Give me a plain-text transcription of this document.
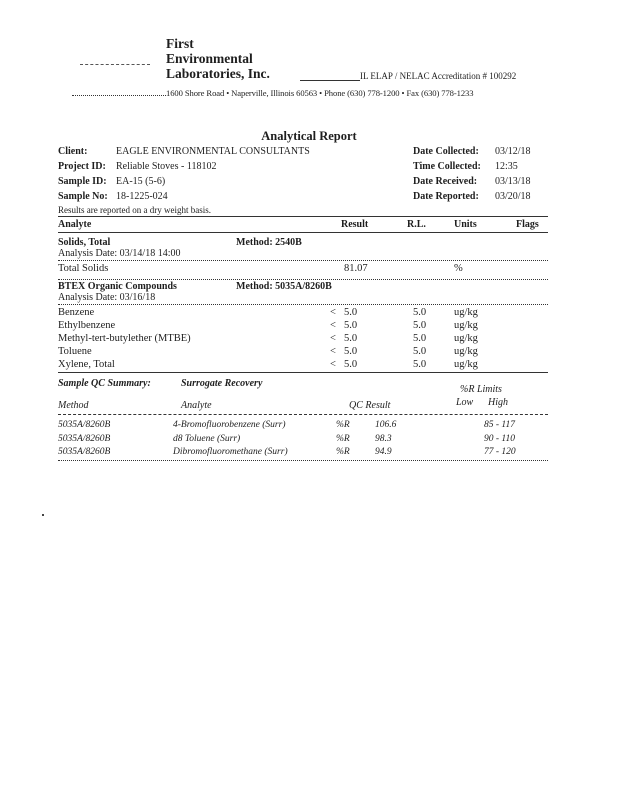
First
Environmental
Laboratories, Inc.	IL ELAP / NELAC Accreditation # 100292
1600 Shore Road • Naperville, Illinois 60563 • Phone (630) 778-1200 • Fax (630) 778-1233
Analytical Report
Client:	EAGLE ENVIRONMENTAL CONSULTANTS
Project ID: Reliable Stoves - 118102
Sample ID: EA-15 (5-6)
Sample No: 18-1225-024
Date Collected: 03/12/18
Time Collected: 12:35
Date Received: 03/13/18
Date Reported: 03/20/18
Results are reported on a dry weight basis.
Analyte	Result	R.L.	Units	Flags
Solids, Total	Method: 2540B
Analysis Date: 03/14/18 14:00
Total Solids	81.07	%
BTEX Organic Compounds	Method: 5035A/8260B
Analysis Date: 03/16/18
Benzene	< 5.0	5.0	ug/kg
Ethylbenzene	< 5.0	5.0	ug/kg
Methyl-tert-butylether (MTBE)	< 5.0	5.0	ug/kg
Toluene	< 5.0	5.0	ug/kg
Xylene, Total	< 5.0	5.0	ug/kg
Sample QC Summary:	Surrogate Recovery
%R Limits
Low High
Method	Analyte	QC Result
5035A/8260B	4-Bromofluorobenzene (Surr)	%R	106.6	85 - 117
5035A/8260B	d8 Toluene (Surr)	%R	98.3	90 - 110
5035A/8260B	Dibromofluoromethane (Surr)	%R	94.9	77 - 120
